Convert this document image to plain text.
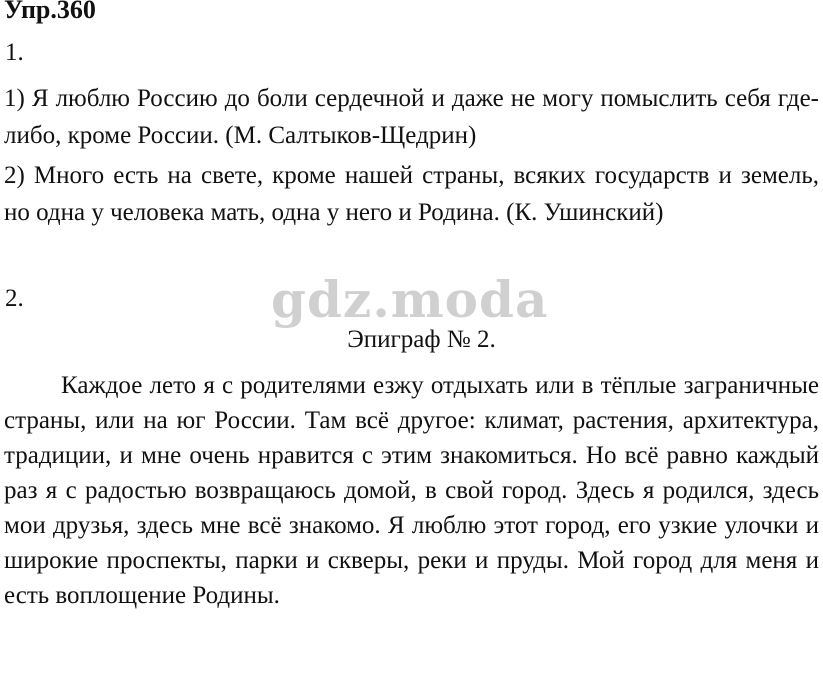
Упр.360
1.
1) Я люблю Россию до боли сердечной и даже не могу помыслить себя где-либо, кроме России. (М. Салтыков-Щедрин)
2) Много есть на свете, кроме нашей страны, всяких государств и земель, но одна у человека мать, одна у него и Родина. (К. Ушинский)
2.	gdz.moda
Эпиграф № 2.
Каждое лето я с родителями езжу отдыхать или в тёплые заграничные страны, или на юг России. Там всё другое: климат, растения, архитектура, традиции, и мне очень нравится с этим знакомиться. Но всё равно каждый раз я с радостью возвращаюсь домой, в свой город. Здесь я родился, здесь мои друзья, здесь мне всё знакомо. Я люблю этот город, его узкие улочки и широкие проспекты, парки и скверы, реки и пруды. Мой город для меня и есть воплощение Родины.
